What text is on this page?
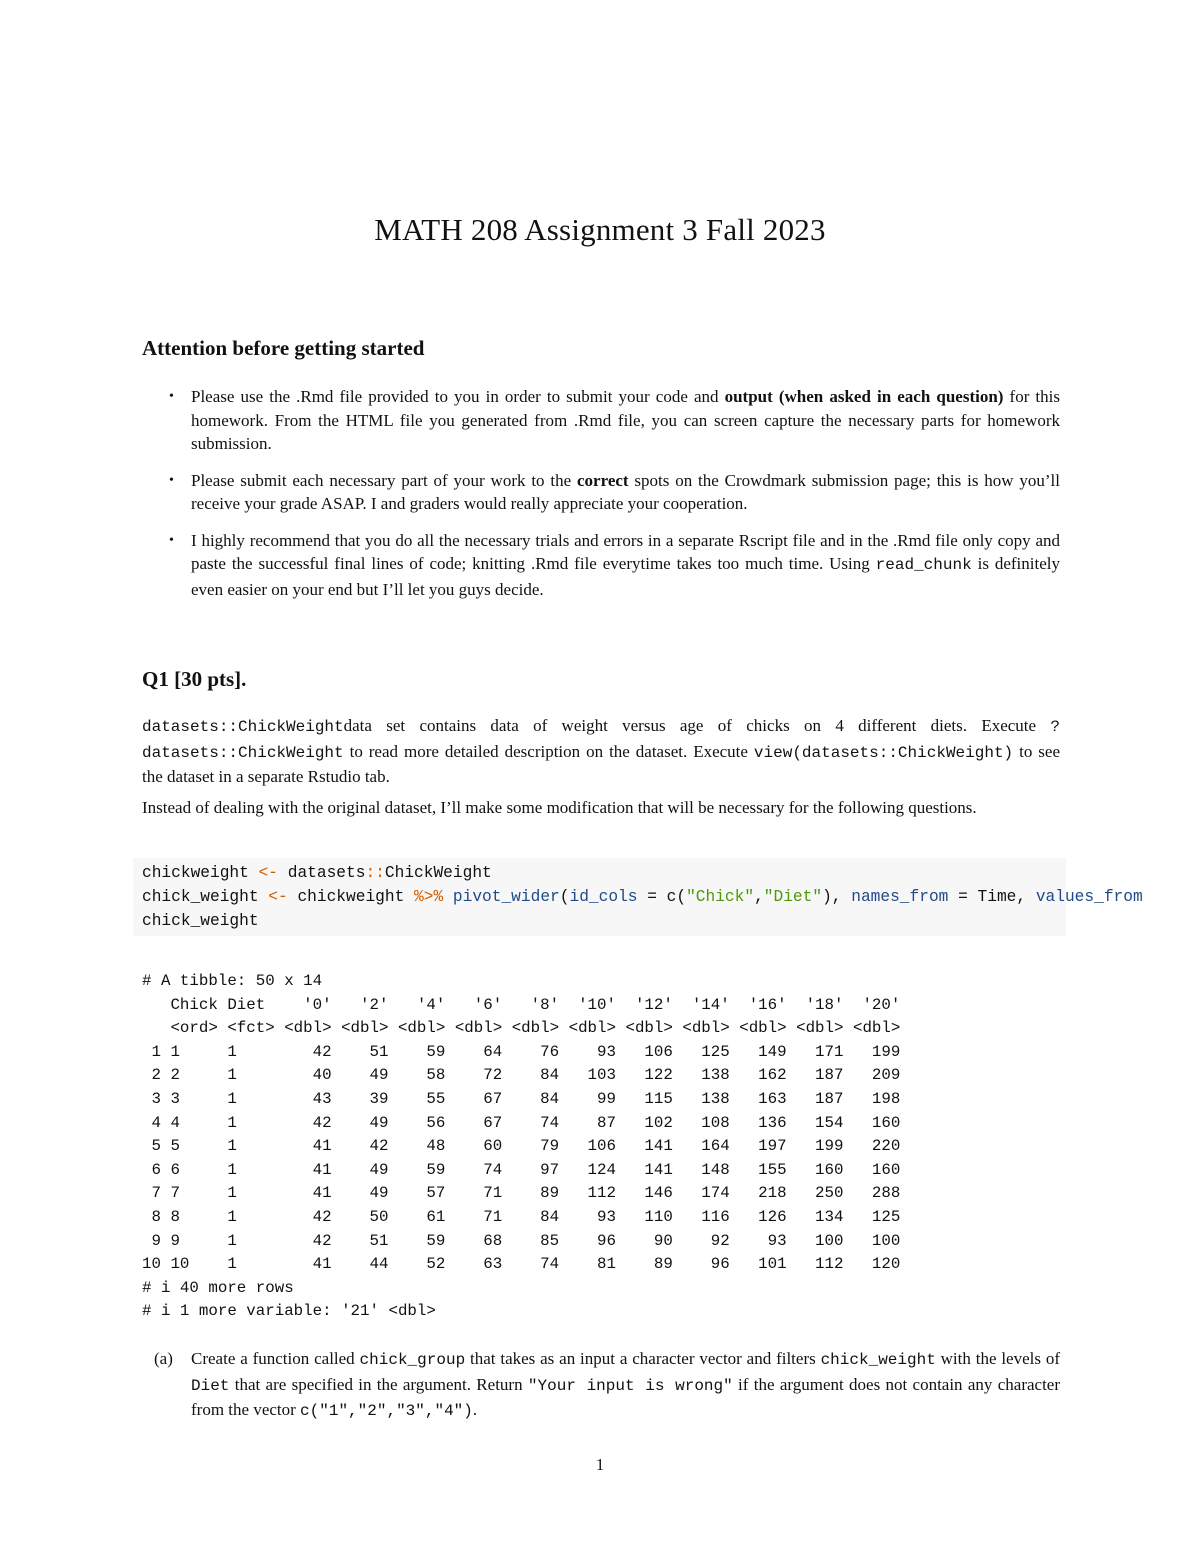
MATH 208 Assignment 3 Fall 2023
Attention before getting started
• Please use the .Rmd file provided to you in order to submit your code and output (when asked in each question) for this homework. From the HTML file you generated from .Rmd file, you can screen capture the necessary parts for homework submission.
• Please submit each necessary part of your work to the correct spots on the Crowdmark submission page; this is how you’ll receive your grade ASAP. I and graders would really appreciate your cooperation.
• I highly recommend that you do all the necessary trials and errors in a separate Rscript file and in the .Rmd file only copy and paste the successful final lines of code; knitting .Rmd file everytime takes too much time. Using read_chunk is definitely even easier on your end but I’ll let you guys decide.
Q1 [30 pts].

datasets::ChickWeightdata set contains data of weight versus age of chicks on 4 different diets. Execute ?datasets::ChickWeight to read more detailed description on the dataset. Execute view(datasets::ChickWeight) to see the dataset in a separate Rstudio tab.

Instead of dealing with the original dataset, I’ll make some modification that will be necessary for the following questions.

chickweight <- datasets::ChickWeight
chick_weight <- chickweight %>% pivot_wider(id_cols = c("Chick","Diet"), names_from = Time, values_from
chick_weight
# A tibble: 50 x 14
Chick Diet    '0'   '2'   '4'   '6'   '8'  '10'  '12'  '14'  '16'  '18'  '20'
<ord> <fct> <dbl> <dbl> <dbl> <dbl> <dbl> <dbl> <dbl> <dbl> <dbl> <dbl> <dbl>
1 1     1        42    51    59    64    76    93   106   125   149   171   199
2 2     1        40    49    58    72    84   103   122   138   162   187   209
3 3     1        43    39    55    67    84    99   115   138   163   187   198
4 4     1        42    49    56    67    74    87   102   108   136   154   160
5 5     1        41    42    48    60    79   106   141   164   197   199   220
6 6     1        41    49    59    74    97   124   141   148   155   160   160
7 7     1        41    49    57    71    89   112   146   174   218   250   288
8 8     1        42    50    61    71    84    93   110   116   126   134   125
9 9     1        42    51    59    68    85    96    90    92    93   100   100
10 10    1        41    44    52    63    74    81    89    96   101   112   120
# i 40 more rows
# i 1 more variable: '21' <dbl>
(a) Create a function called chick_group that takes as an input a character vector and filters chick_weight with the levels of Diet that are specified in the argument. Return "Your input is wrong" if the argument does not contain any character from the vector c("1","2","3","4").
1
